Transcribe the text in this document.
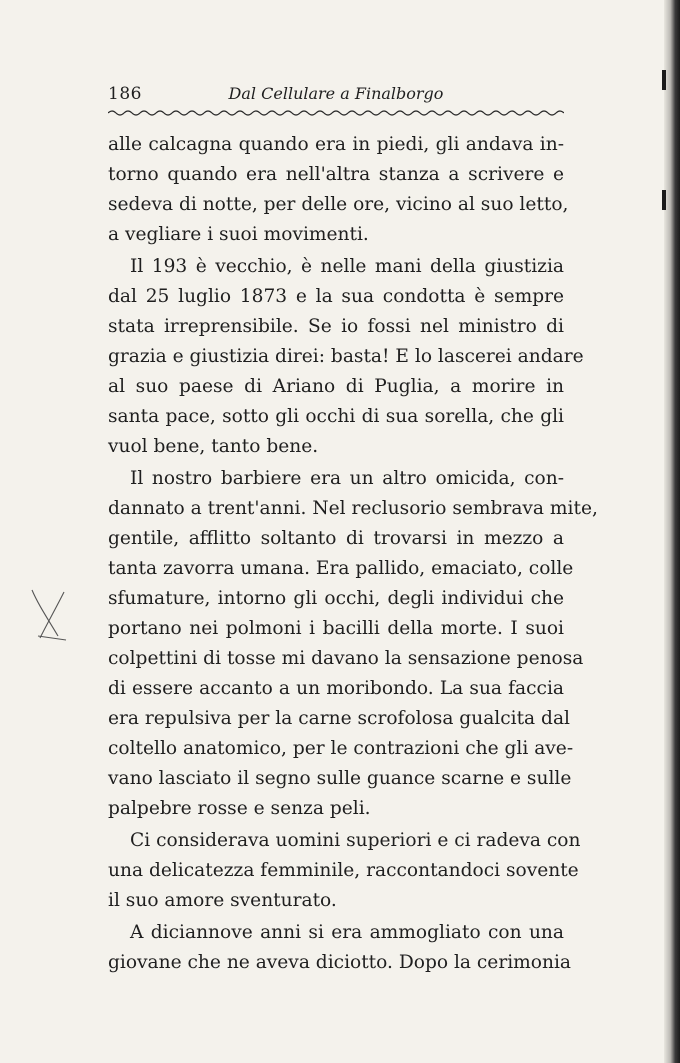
186	Dal Cellulare a Finalborgo
alle calcagna quando era in piedi, gli andava in-
torno quando era nell'altra stanza a scrivere e
sedeva di notte, per delle ore, vicino al suo letto,
a vegliare i suoi movimenti.
Il 193 è vecchio, è nelle mani della giustizia
dal 25 luglio 1873 e la sua condotta è sempre
stata irreprensibile. Se io fossi nel ministro di
grazia e giustizia direi: basta! E lo lascerei andare
al suo paese di Ariano di Puglia, a morire in
santa pace, sotto gli occhi di sua sorella, che gli
vuol bene, tanto bene.
Il nostro barbiere era un altro omicida, con-
dannato a trent'anni. Nel reclusorio sembrava mite,
gentile, afflitto soltanto di trovarsi in mezzo a
tanta zavorra umana. Era pallido, emaciato, colle
sfumature, intorno gli occhi, degli individui che
portano nei polmoni i bacilli della morte. I suoi
colpettini di tosse mi davano la sensazione penosa
di essere accanto a un moribondo. La sua faccia
era repulsiva per la carne scrofolosa gualcita dal
coltello anatomico, per le contrazioni che gli ave-
vano lasciato il segno sulle guance scarne e sulle
palpebre rosse e senza peli.
Ci considerava uomini superiori e ci radeva con
una delicatezza femminile, raccontandoci sovente
il suo amore sventurato.
A diciannove anni si era ammogliato con una
giovane che ne aveva diciotto. Dopo la cerimonia
